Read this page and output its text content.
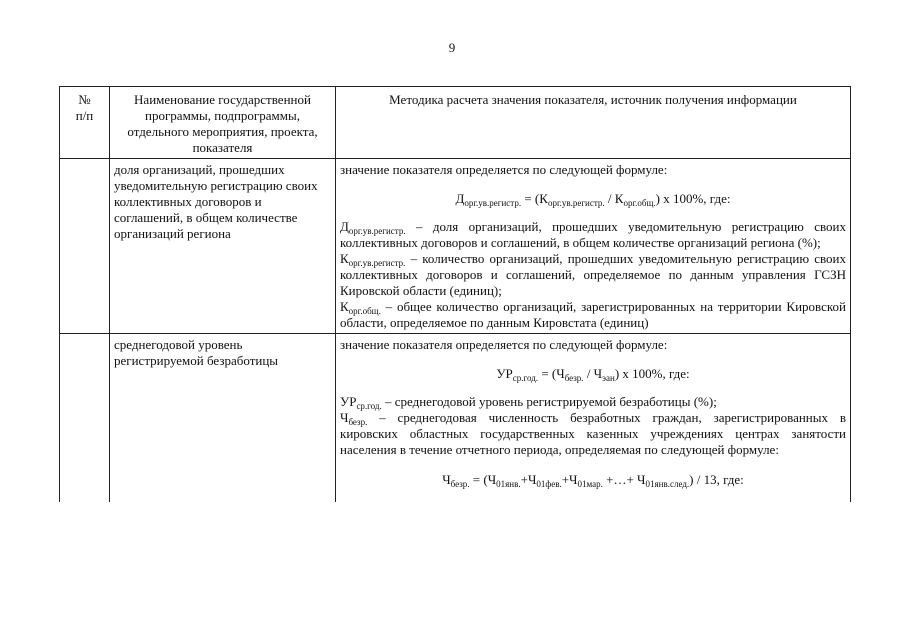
9
№
п/п	Наименование государственной программы, подпрограммы, отдельного мероприятия, проекта, показателя	Методика расчета значения показателя, источник получения информации
	доля организаций, прошедших уведомительную регистрацию своих коллективных договоров и соглашений, в общем количестве организаций региона	значение показателя определяется по следующей формуле:

$Д_{орг.ув.регистр.} = (К_{орг.ув.регистр.} / К_{орг.общ.})$ x 100%, где:

$Д_{орг.ув.регистр.}$ – доля организаций, прошедших уведомительную регистрацию своих коллективных договоров и соглашений, в общем количестве организаций региона (%);

$К_{орг.ув.регистр.}$ – количество организаций, прошедших уведомительную регистрацию своих коллективных договоров и соглашений, определяемое по данным управления ГСЗН Кировской области (единиц);

$К_{орг.общ.}$ – общее количество организаций, зарегистрированных на территории Кировской области, определяемое по данным Кировстата (единиц)

	среднегодовой уровень регистрируемой безработицы	значение показателя определяется по следующей формуле:

$УР_{ср.год.} = (Ч_{безр.} / Ч_{эан})$ x 100%, где:

$УР_{ср.год.}$ – среднегодовой уровень регистрируемой безработицы (%);

$Ч_{безр.}$ – среднегодовая численность безработных граждан, зарегистрированных в кировских областных государственных казенных учреждениях центрах занятости населения в течение отчетного периода, определяемая по следующей формуле:

$Ч_{безр.} = (Ч_{01янв.}+Ч_{01фев.}+Ч_{01мар.}$ +…+ $Ч_{01янв.след.}) / 13$, где:
